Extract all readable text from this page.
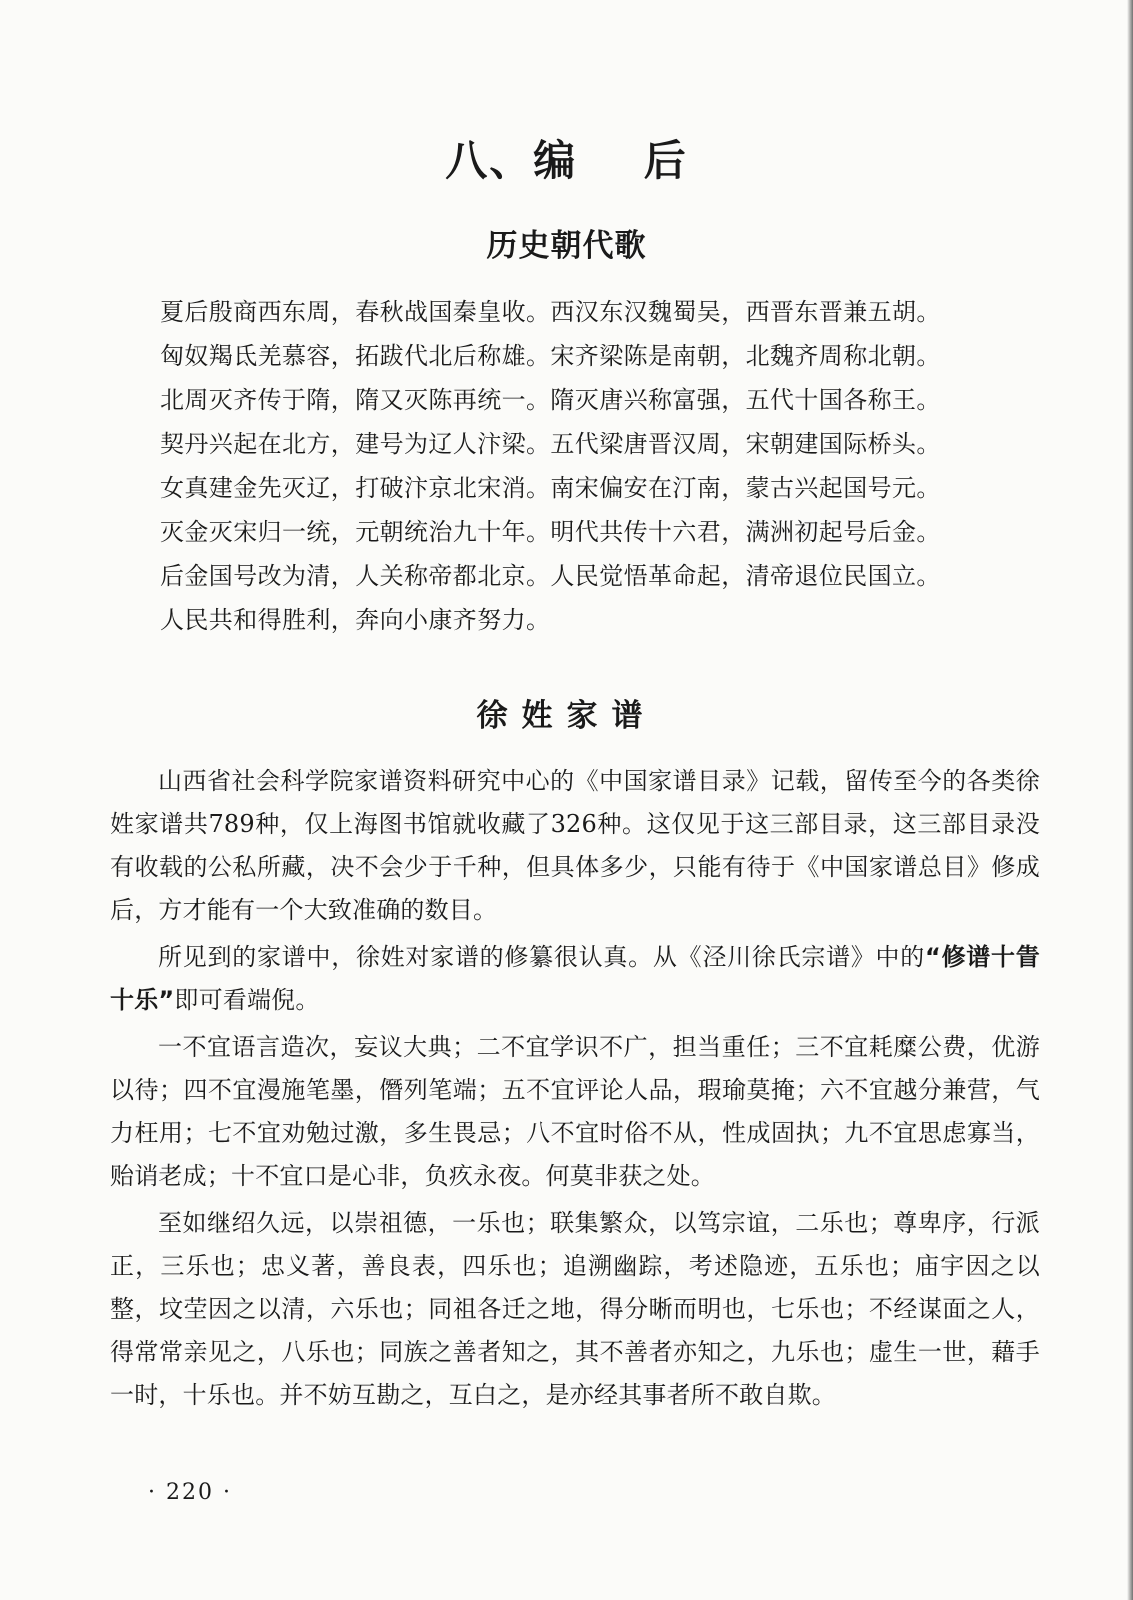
八、编    后
历史朝代歌
夏后殷商西东周，春秋战国秦皇收。西汉东汉魏蜀吴，西晋东晋兼五胡。
匈奴羯氐羌慕容，拓跋代北后称雄。宋齐梁陈是南朝，北魏齐周称北朝。
北周灭齐传于隋，隋又灭陈再统一。隋灭唐兴称富强，五代十国各称王。
契丹兴起在北方，建号为辽人汴梁。五代梁唐晋汉周，宋朝建国际桥头。
女真建金先灭辽，打破汴京北宋消。南宋偏安在汀南，蒙古兴起国号元。
灭金灭宋归一统，元朝统治九十年。明代共传十六君，满洲初起号后金。
后金国号改为清，人关称帝都北京。人民觉悟革命起，清帝退位民国立。
人民共和得胜利，奔向小康齐努力。
徐姓家谱

山西省社会科学院家谱资料研究中心的《中国家谱目录》记载，留传至今的各类徐姓家谱共789种，仅上海图书馆就收藏了326种。这仅见于这三部目录，这三部目录没有收载的公私所藏，决不会少于千种，但具体多少，只能有待于《中国家谱总目》修成后，方才能有一个大致准确的数目。

所见到的家谱中，徐姓对家谱的修纂很认真。从《泾川徐氏宗谱》中的“修谱十眚十乐”即可看端倪。

一不宜语言造次，妄议大典；二不宜学识不广，担当重任；三不宜耗糜公费，优游以待；四不宜漫施笔墨，僭列笔端；五不宜评论人品，瑕瑜莫掩；六不宜越分兼营，气力枉用；七不宜劝勉过激，多生畏忌；八不宜时俗不从，性成固执；九不宜思虑寡当，贻诮老成；十不宜口是心非，负疚永夜。何莫非获之处。

至如继绍久远，以崇祖德，一乐也；联集繁众，以笃宗谊，二乐也；尊卑序，行派正，三乐也；忠义著，善良表，四乐也；追溯幽踪，考述隐迹，五乐也；庙宇因之以整，坟茔因之以清，六乐也；同祖各迁之地，得分晰而明也，七乐也；不经谋面之人，得常常亲见之，八乐也；同族之善者知之，其不善者亦知之，九乐也；虚生一世，藉手一时，十乐也。并不妨互勘之，互白之，是亦经其事者所不敢自欺。

· 220 ·
